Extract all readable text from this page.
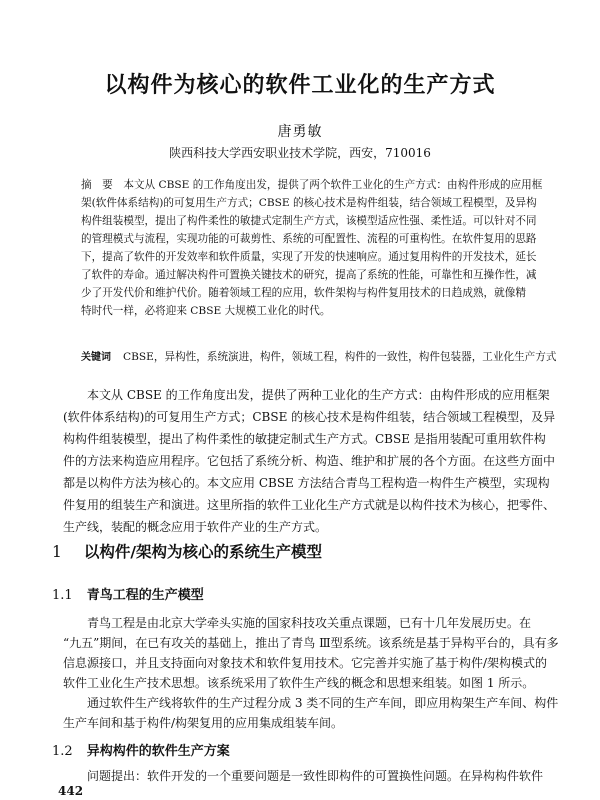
以构件为核心的软件工业化的生产方式
唐勇敏
陕西科技大学西安职业技术学院，西安，710016
摘　要　本文从 CBSE 的工作角度出发，提供了两个软件工业化的生产方式：由构件形成的应用框
架(软件体系结构)的可复用生产方式；CBSE 的核心技术是构件组装，结合领域工程模型，及异构
构件组装模型，提出了构件柔性的敏捷式定制生产方式，该模型适应性强、柔性适。可以针对不同
的管理模式与流程，实现功能的可裁剪性、系统的可配置性、流程的可重构性。在软件复用的思路
下，提高了软件的开发效率和软件质量，实现了开发的快速响应。通过复用构件的开发技术，延长
了软件的寿命。通过解决构件可置换关键技术的研究，提高了系统的性能，可靠性和互操作性，减
少了开发代价和维护代价。随着领域工程的应用，软件架构与构件复用技术的日趋成熟，就像精
特时代一样，必将迎来 CBSE 大规模工业化的时代。
关键词 CBSE，异构性，系统演进，构件，领域工程，构件的一致性，构件包装器，工业化生产方式
　　本文从 CBSE 的工作角度出发，提供了两种工业化的生产方式：由构件形成的应用框架
(软件体系结构)的可复用生产方式；CBSE 的核心技术是构件组装，结合领域工程模型，及异
构构件组装模型，提出了构件柔性的敏捷定制式生产方式。CBSE 是指用装配可重用软件构
件的方法来构造应用程序。它包括了系统分析、构造、维护和扩展的各个方面。在这些方面中
都是以构件方法为核心的。本文应用 CBSE 方法结合青鸟工程构造一构件生产模型，实现构
件复用的组装生产和演进。这里所指的软件工业化生产方式就是以构件技术为核心，把零件、
生产线，装配的概念应用于软件产业的生产方式。
1 以构件/架构为核心的系统生产模型
1.1 青鸟工程的生产模型
　　青鸟工程是由北京大学牵头实施的国家科技攻关重点课题，已有十几年发展历史。在
“九五”期间，在已有攻关的基础上，推出了青鸟 Ⅲ型系统。该系统是基于异构平台的，具有多
信息源接口，并且支持面向对象技术和软件复用技术。它完善并实施了基于构件/架构模式的
软件工业化生产技术思想。该系统采用了软件生产线的概念和思想来组装。如图 1 所示。
　　通过软件生产线将软件的生产过程分成 3 类不同的生产车间，即应用构架生产车间、构件
生产车间和基于构件/构架复用的应用集成组装车间。
1.2 异构构件的软件生产方案
　　问题提出：软件开发的一个重要问题是一致性即构件的可置换性问题。在异构构件软件
442
